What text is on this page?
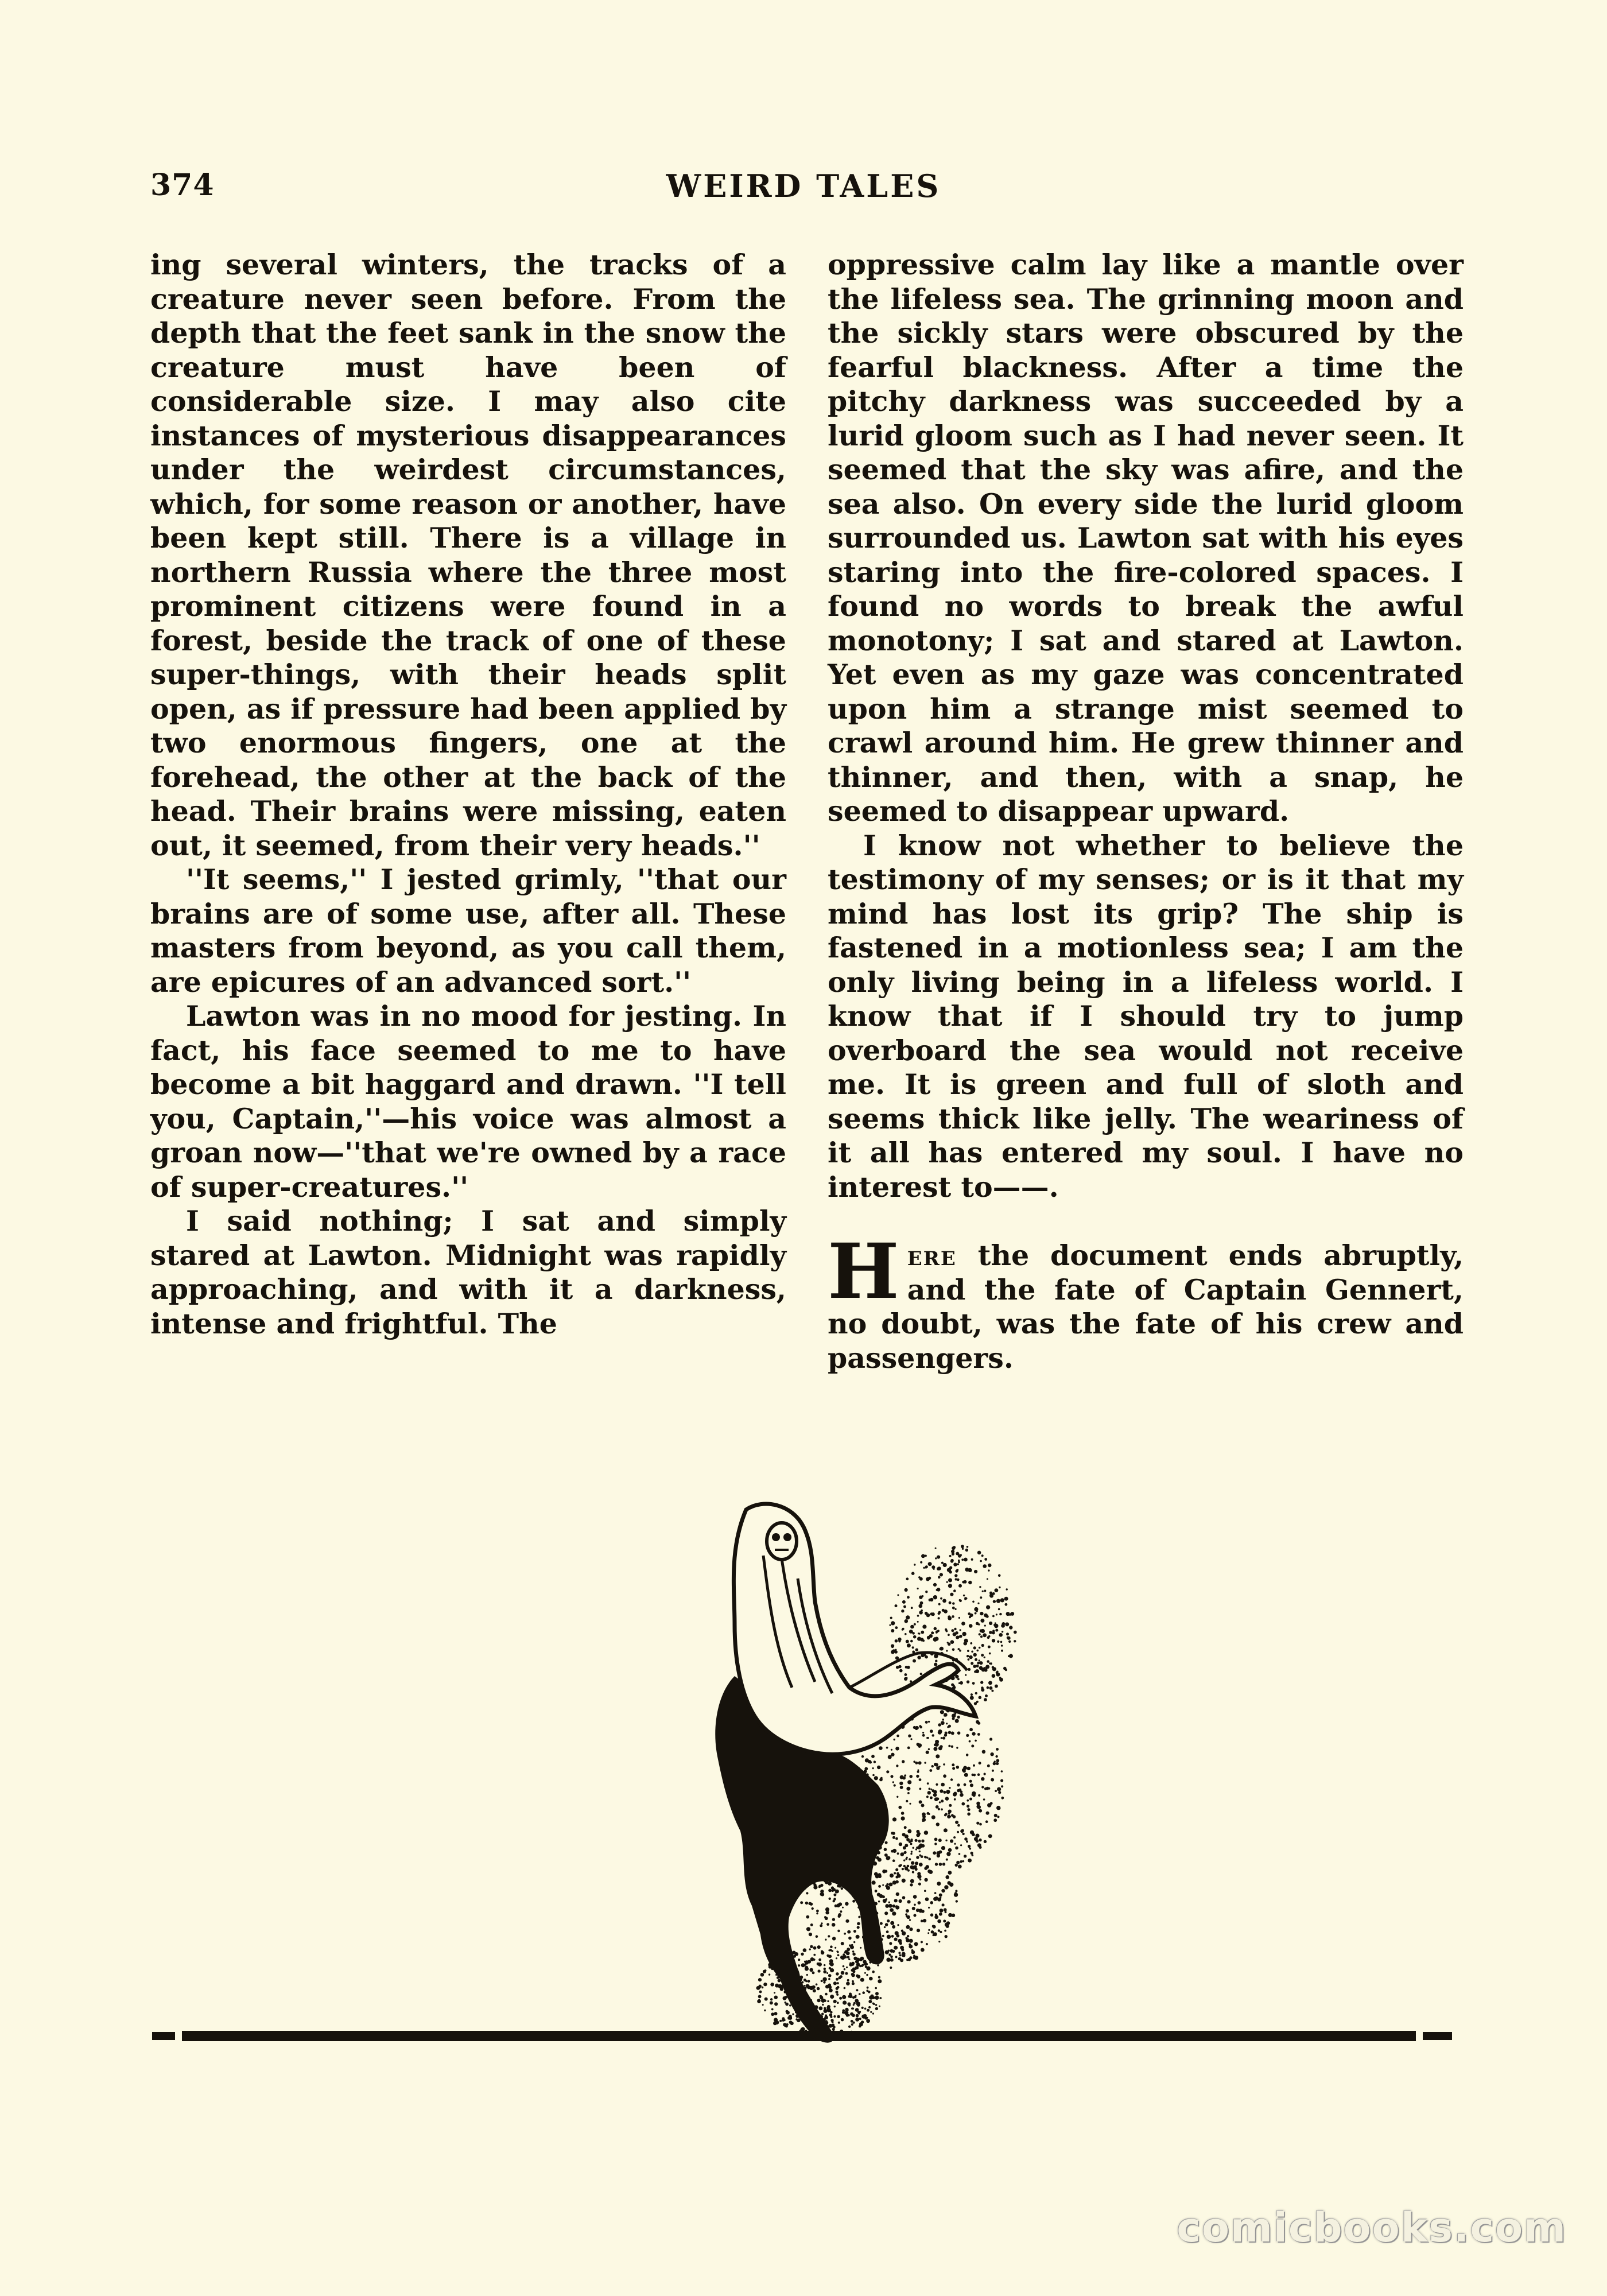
374	WEIRD TALES

ing several winters, the tracks of a creature never seen before. From the depth that the feet sank in the snow the creature must have been of considerable size. I may also cite instances of mysterious disappearances under the weirdest circumstances, which, for some reason or another, have been kept still. There is a village in northern Russia where the three most prominent citizens were found in a forest, beside the track of one of these super-things, with their heads split open, as if pressure had been applied by two enormous fingers, one at the forehead, the other at the back of the head. Their brains were missing, eaten out, it seemed, from their very heads.''

''It seems,'' I jested grimly, ''that our brains are of some use, after all. These masters from beyond, as you call them, are epicures of an advanced sort.''

Lawton was in no mood for jesting. In fact, his face seemed to me to have become a bit haggard and drawn. ''I tell you, Captain,''—his voice was almost a groan now—''that we're owned by a race of super-creatures.''

I said nothing; I sat and simply stared at Lawton. Midnight was rapidly approaching, and with it a darkness, intense and frightful. The

oppressive calm lay like a mantle over the lifeless sea. The grinning moon and the sickly stars were obscured by the fearful blackness. After a time the pitchy darkness was succeeded by a lurid gloom such as I had never seen. It seemed that the sky was afire, and the sea also. On every side the lurid gloom surrounded us. Lawton sat with his eyes staring into the fire-colored spaces. I found no words to break the awful monotony; I sat and stared at Lawton. Yet even as my gaze was concentrated upon him a strange mist seemed to crawl around him. He grew thinner and thinner, and then, with a snap, he seemed to disappear upward.

I know not whether to believe the testimony of my senses; or is it that my mind has lost its grip? The ship is fastened in a motionless sea; I am the only living being in a lifeless world. I know that if I should try to jump overboard the sea would not receive me. It is green and full of sloth and seems thick like jelly. The weariness of it all has entered my soul. I have no interest to——.

Here the document ends abruptly, and the fate of Captain Gennert, no doubt, was the fate of his crew and passengers.

comicbooks.com
